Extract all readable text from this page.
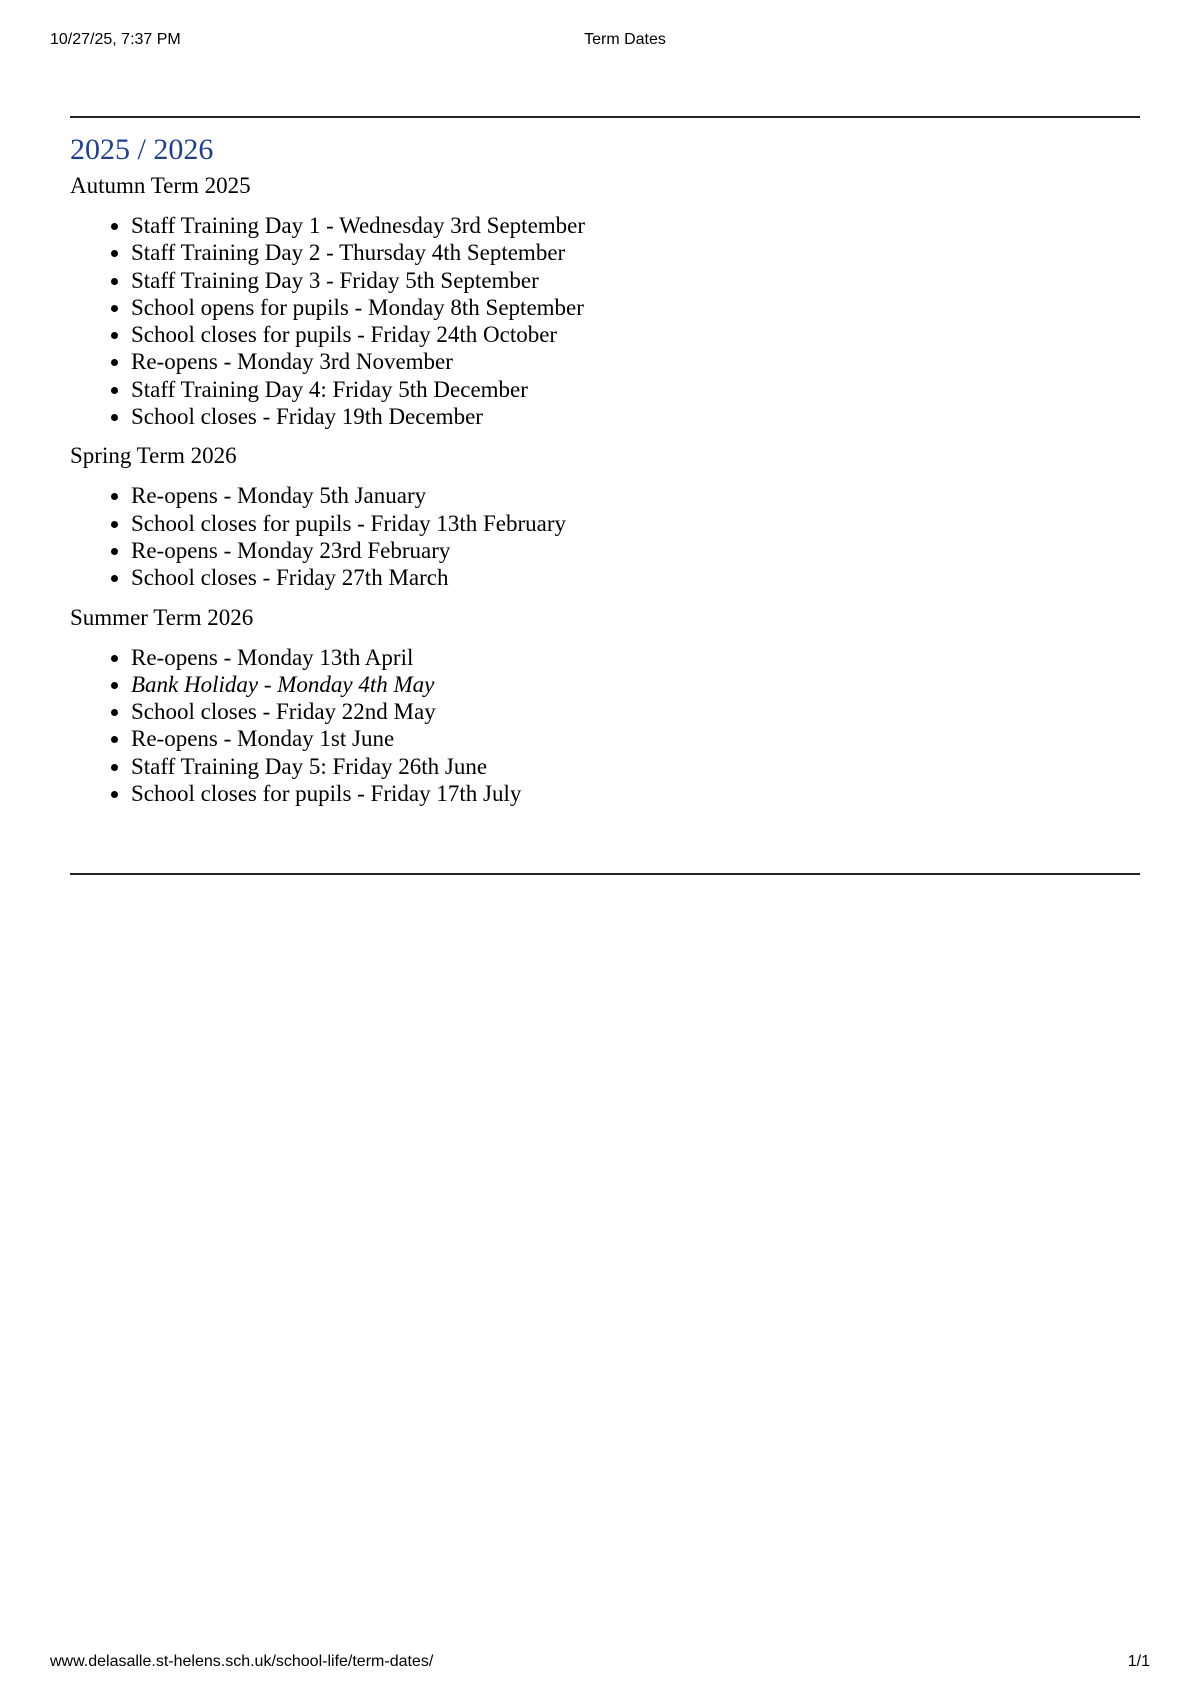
10/27/25, 7:37 PM	Term Dates
2025 / 2026

Autumn Term 2025

• Staff Training Day 1 - Wednesday 3rd September
• Staff Training Day 2 - Thursday 4th September
• Staff Training Day 3 - Friday 5th September
• School opens for pupils - Monday 8th September
• School closes for pupils - Friday 24th October
• Re-opens - Monday 3rd November
• Staff Training Day 4: Friday 5th December
• School closes - Friday 19th December

Spring Term 2026

• Re-opens - Monday 5th January
• School closes for pupils - Friday 13th February
• Re-opens - Monday 23rd February
• School closes - Friday 27th March

Summer Term 2026

• Re-opens - Monday 13th April
• Bank Holiday - Monday 4th May
• School closes - Friday 22nd May
• Re-opens - Monday 1st June
• Staff Training Day 5: Friday 26th June
• School closes for pupils - Friday 17th July
www.delasalle.st-helens.sch.uk/school-life/term-dates/	1/1
